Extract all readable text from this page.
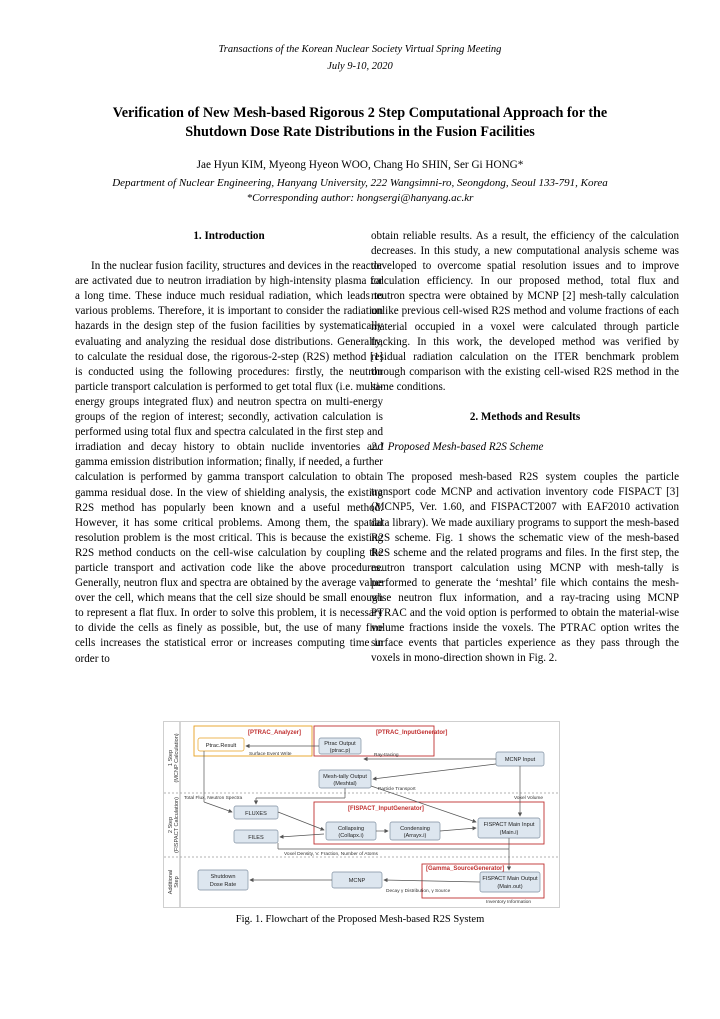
Transactions of the Korean Nuclear Society Virtual Spring Meeting
July 9-10, 2020
Verification of New Mesh-based Rigorous 2 Step Computational Approach for the
Shutdown Dose Rate Distributions in the Fusion Facilities
Jae Hyun KIM, Myeong Hyeon WOO, Chang Ho SHIN, Ser Gi HONG*
Department of Nuclear Engineering, Hanyang University, 222 Wangsimni-ro, Seongdong, Seoul 133-791, Korea
*Corresponding author: hongsergi@hanyang.ac.kr

1. Introduction

In the nuclear fusion facility, structures and devices in the reactor are activated due to neutron irradiation by high-intensity plasma for a long time. These induce much residual radiation, which leads to various problems. Therefore, it is important to consider the radiation hazards in the design step of the fusion facilities by systematically evaluating and analyzing the residual dose distributions. Generally, to calculate the residual dose, the rigorous-2-step (R2S) method [1] is conducted using the following procedures: firstly, the neutron particle transport calculation is performed to get total flux (i.e. multi-energy groups integrated flux) and neutron spectra on multi-energy groups of the region of interest; secondly, activation calculation is performed using total flux and spectra calculated in the first step and irradiation and decay history to obtain nuclide inventories and gamma emission distribution information; finally, if needed, a further calculation is performed by gamma transport calculation to obtain gamma residual dose. In the view of shielding analysis, the existing R2S method has popularly been known and a useful method. However, it has some critical problems. Among them, the spatial resolution problem is the most critical. This is because the existing R2S method conducts on the cell-wise calculation by coupling the particle transport and activation code like the above procedures. Generally, neutron flux and spectra are obtained by the average value over the cell, which means that the cell size should be small enough to represent a flat flux. In order to solve this problem, it is necessary to divide the cells as finely as possible, but, the use of many fine cells increases the statistical error or increases computing time in order to

obtain reliable results. As a result, the efficiency of the calculation decreases. In this study, a new computational analysis scheme was developed to overcome spatial resolution issues and to improve calculation efficiency. In our proposed method, total flux and neutron spectra were obtained by MCNP [2] mesh-tally calculation unlike previous cell-wised R2S method and volume fractions of each material occupied in a voxel were calculated through particle tracking. In this work, the developed method was verified by residual radiation calculation on the ITER benchmark problem through comparison with the existing cell-wised R2S method in the same conditions.

2. Methods and Results

2.1 Proposed Mesh-based R2S Scheme

The proposed mesh-based R2S system couples the particle transport code MCNP and activation inventory code FISPACT [3] (MCNP5, Ver. 1.60, and FISPACT2007 with EAF2010 activation data library). We made auxiliary programs to support the mesh-based R2S scheme. Fig. 1 shows the schematic view of the mesh-based R2S scheme and the related programs and files. In the first step, the neutron transport calculation using MCNP with mesh-tally is performed to generate the ‘meshtal’ file which contains the mesh-wise neutron flux information, and a ray-tracing using MCNP PTRAC and the void option is performed to obtain the material-wise volume fractions inside the voxels. The PTRAC option writes the surface events that particles experience as they pass through the voxels in mono-direction shown in Fig. 2.

1 Step (MCNP Calculation)
2 Step (FISPACT Calculation)
Additional Step
[PTRAC_Analyzer]	[PTRAC_InputGenerator]
[FISPACT_InputGenerator]
[Gamma_SourceGenerator]
Ptrac.Result	Ptrac Output
(ptrac.p)
MCNP Input
Mesh-tally Output
(Meshtal)
FLUXES
Collapsing
(Collapx.i)
Condensing
(Arrayx.i)
FISPACT Main Input
(Main.i)
FILES
Shutdown
Dose Rate
MCNP	FISPACT Main Output
(Main.out)
Surface Event Write	Ray-tracing
Particle Transport
Total Flux, Neutron Spectra	Voxel Volume
Voxel Density, V. Fraction, Number of Atoms
Decay γ Distribution, γ Source
Inventory Information
Fig. 1. Flowchart of the Proposed Mesh-based R2S System
